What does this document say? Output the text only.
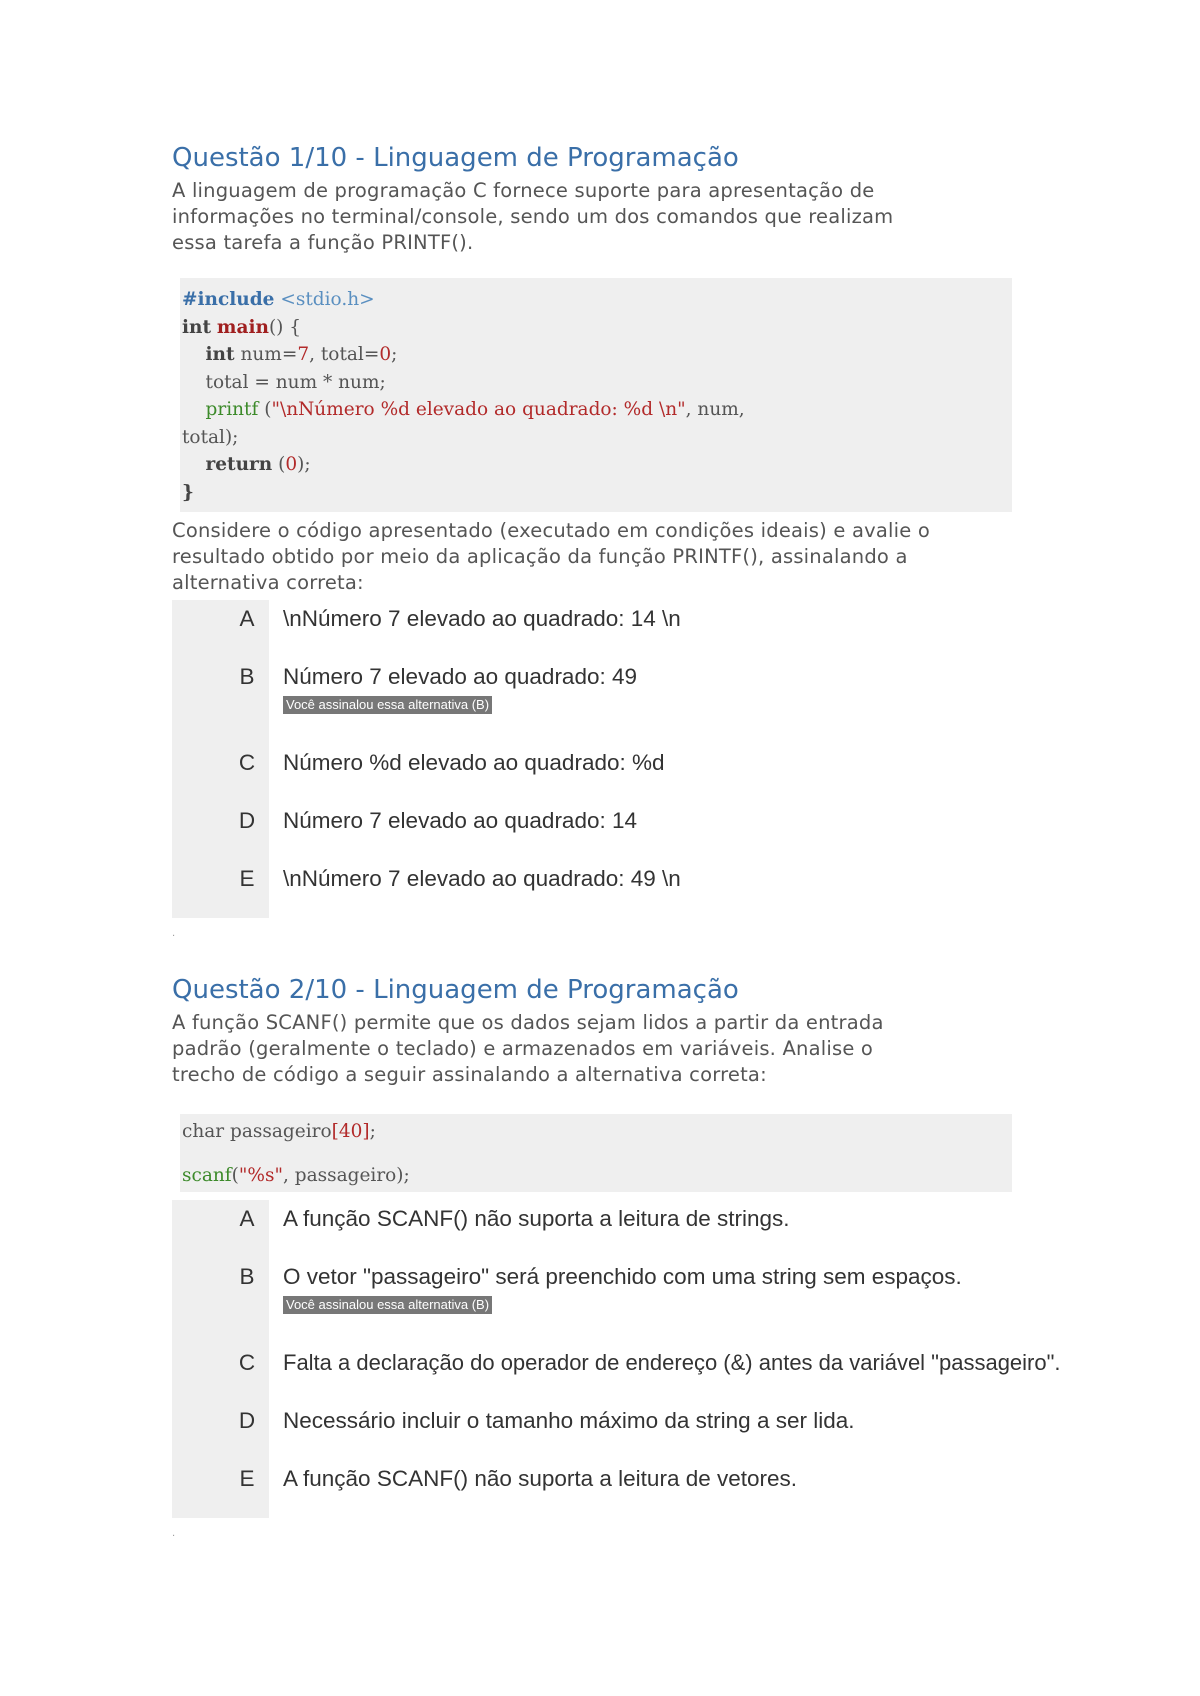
Questão 1/10 - Linguagem de Programação

A linguagem de programação C fornece suporte para apresentação de
informações no terminal/console, sendo um dos comandos que realizam
essa tarefa a função PRINTF().

#include <stdio.h>
int main() {
int num=7, total=0;
total = num * num;
printf ("\nNúmero %d elevado ao quadrado: %d \n", num,
total);
return (0);
}

Considere o código apresentado (executado em condições ideais) e avalie o
resultado obtido por meio da aplicação da função PRINTF(), assinalando a
alternativa correta:

A \nNúmero 7 elevado ao quadrado: 14 \n
B Número 7 elevado ao quadrado: 49
Você assinalou essa alternativa (B)
C Número %d elevado ao quadrado: %d
D Número 7 elevado ao quadrado: 14
E \nNúmero 7 elevado ao quadrado: 49 \n
.
Questão 2/10 - Linguagem de Programação

A função SCANF() permite que os dados sejam lidos a partir da entrada
padrão (geralmente o teclado) e armazenados em variáveis. Analise o
trecho de código a seguir assinalando a alternativa correta:

char passageiro[40];
scanf("%s", passageiro);
A A função SCANF() não suporta a leitura de strings.
B O vetor "passageiro" será preenchido com uma string sem espaços.
Você assinalou essa alternativa (B)
C Falta a declaração do operador de endereço (&) antes da variável "passageiro".
D Necessário incluir o tamanho máximo da string a ser lida.
E A função SCANF() não suporta a leitura de vetores.
.
